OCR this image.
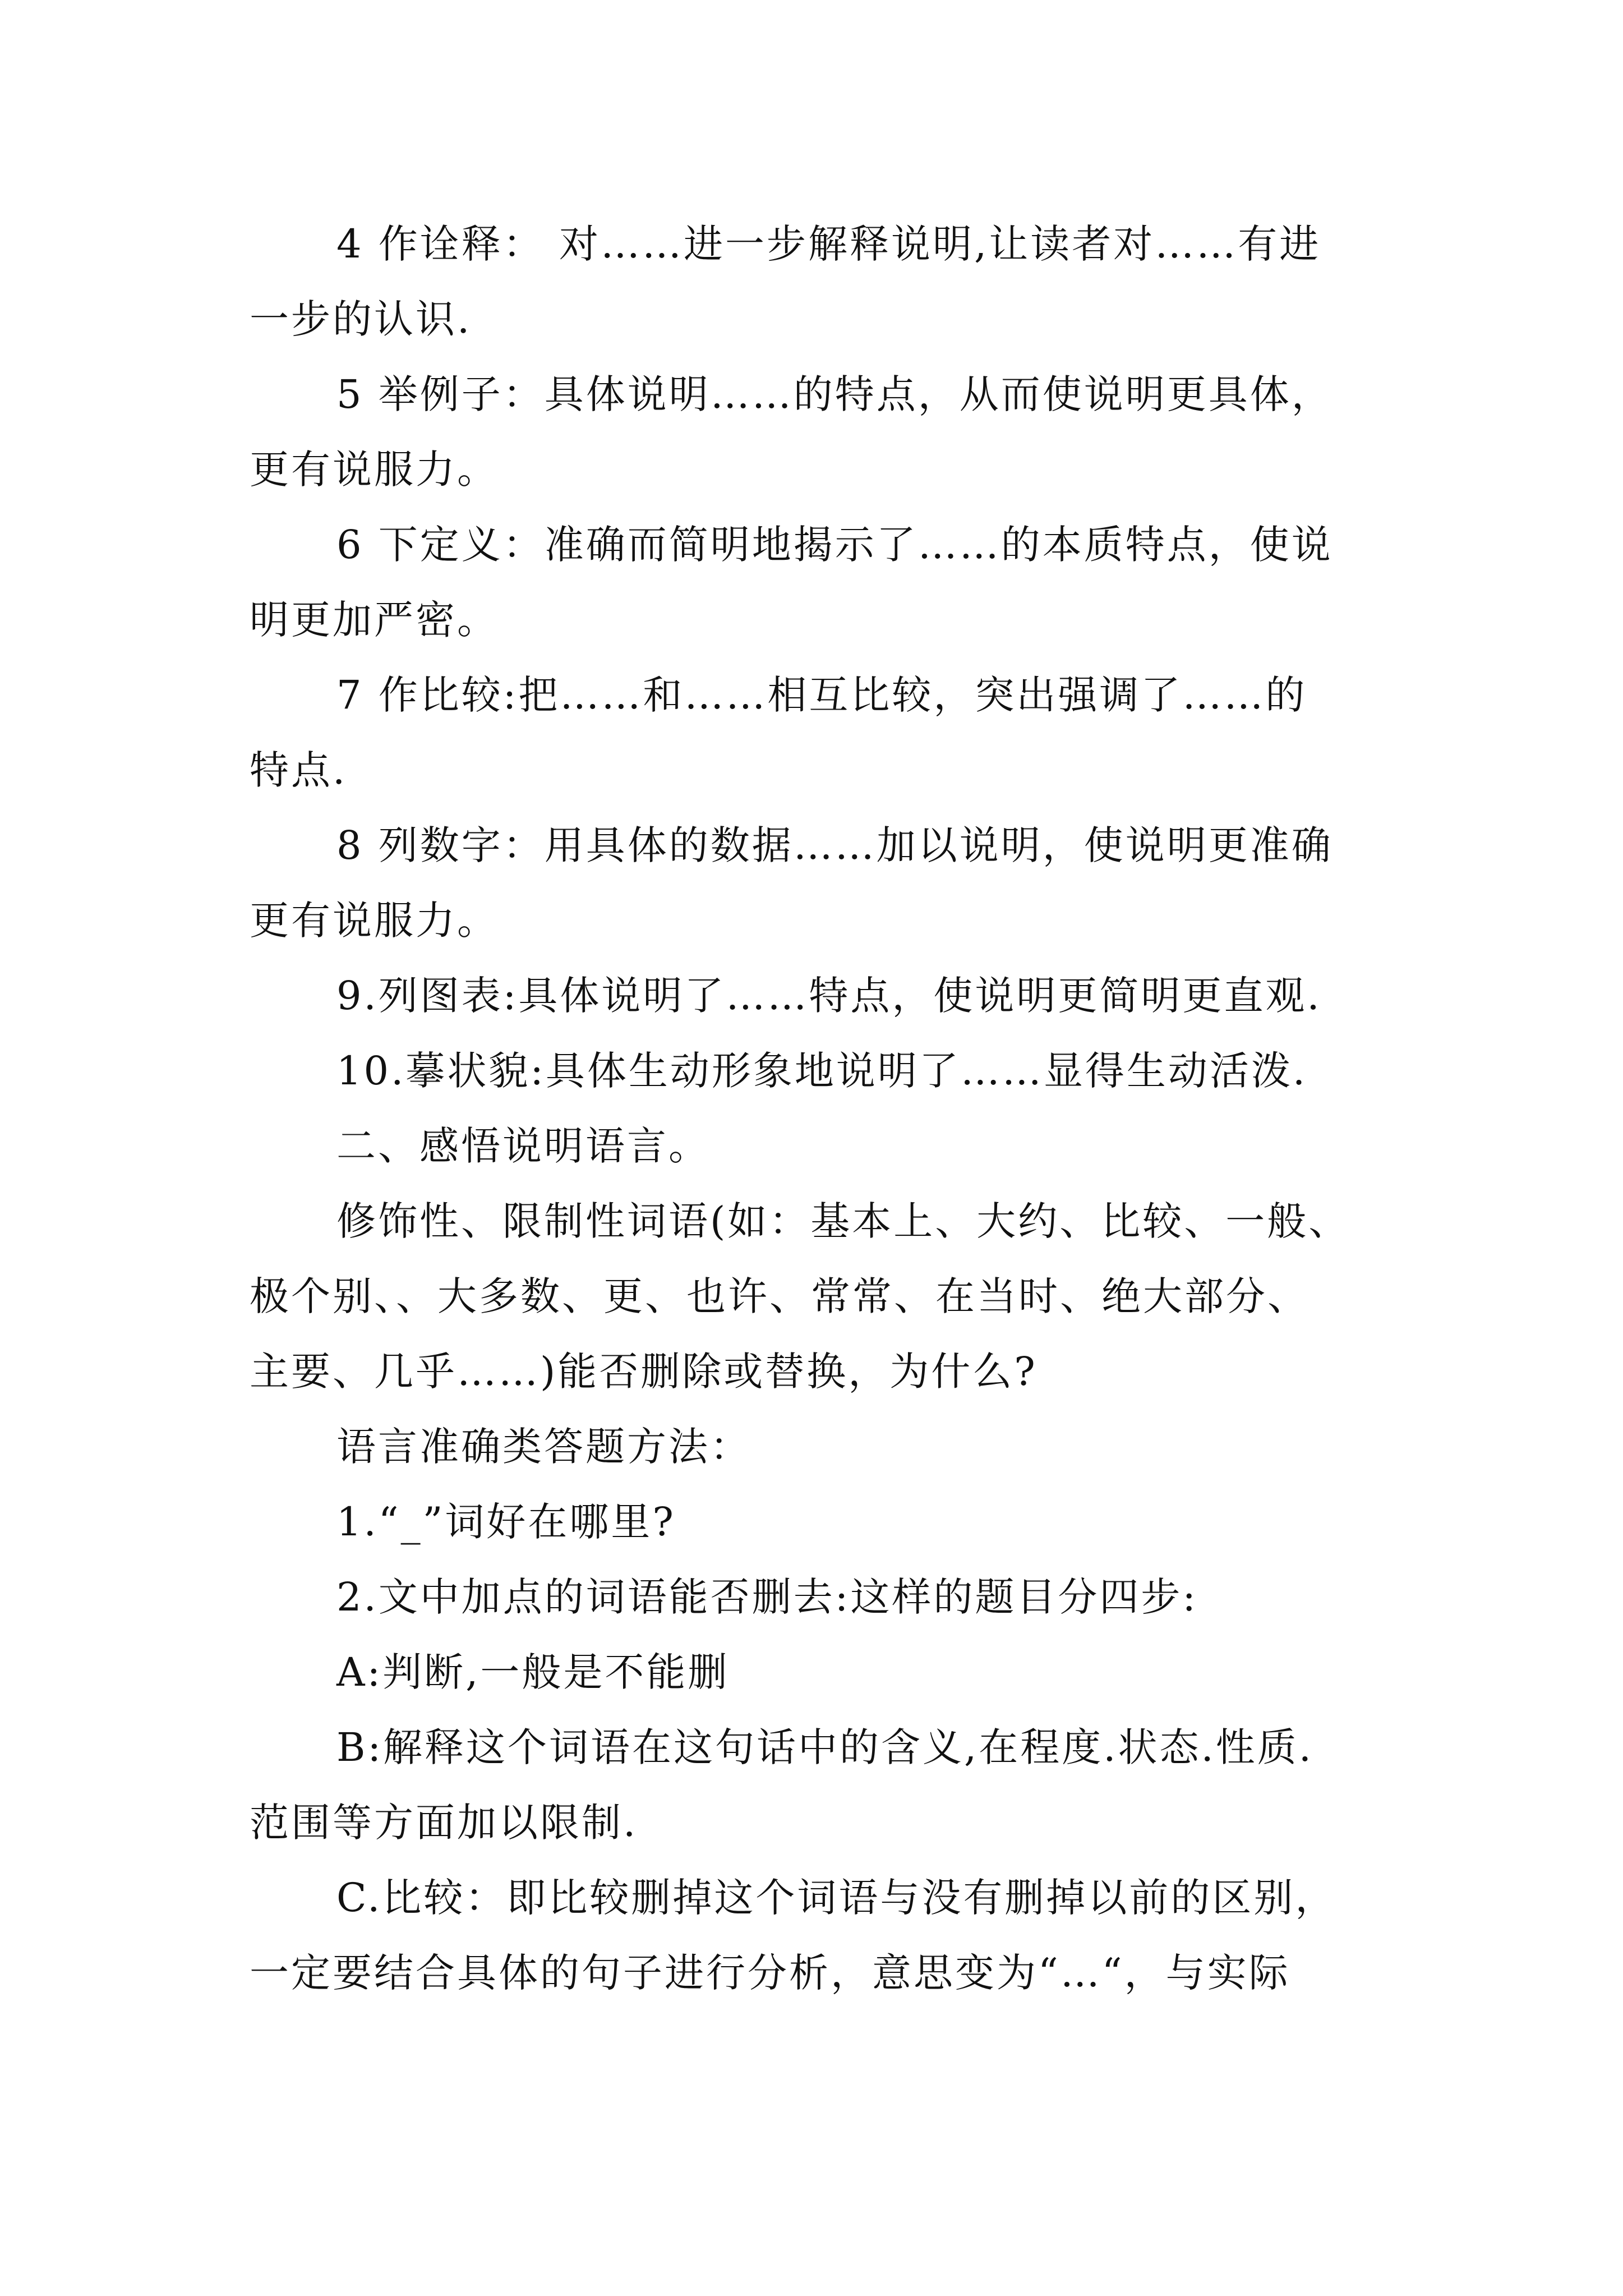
4 作诠释： 对……进一步解释说明,让读者对……有进
一步的认识.
5 举例子：具体说明……的特点，从而使说明更具体，
更有说服力。
6 下定义：准确而简明地揭示了……的本质特点，使说
明更加严密。
7 作比较:把……和……相互比较，突出强调了……的
特点.
8 列数字：用具体的数据……加以说明，使说明更准确
更有说服力。
9.列图表:具体说明了……特点，使说明更简明更直观.
10.摹状貌:具体生动形象地说明了……显得生动活泼.
二、感悟说明语言。
修饰性、限制性词语(如：基本上、大约、比较、一般、
极个别、、大多数、更、也许、常常、在当时、绝大部分、
主要、几乎……)能否删除或替换，为什么?
语言准确类答题方法：
1.“_”词好在哪里?
2.文中加点的词语能否删去:这样的题目分四步:
A:判断,一般是不能删
B:解释这个词语在这句话中的含义,在程度.状态.性质.
范围等方面加以限制.
C.比较：即比较删掉这个词语与没有删掉以前的区别，
一定要结合具体的句子进行分析，意思变为“…“，与实际
